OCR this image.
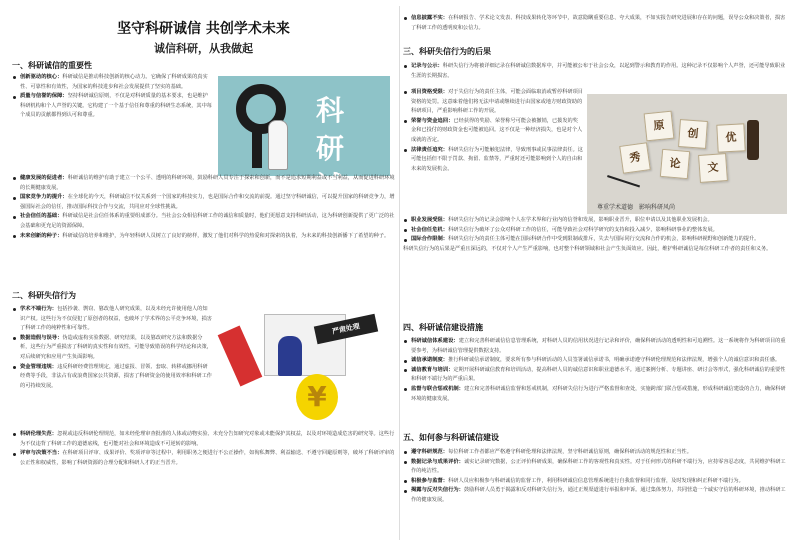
坚守科研诚信 共创学术未来
诚信科研，从我做起
一、科研诚信的重要性
科研诚信

创新驱动的核心：科研诚信是推动科技创新的核心动力。它确保了科研成果的真实性、可靠性和有效性，为国家的科技进步和社会发展提供了坚实的基础。

质量与信誉的保障：坚持科研诚信原则，不仅是对科研质量的基本要求，也是维护科研机构和个人声誉的关键。它构建了一个基于信任和尊重的科研生态系统，其中每个成员的贡献都得到认可和尊重。

健康发展的促进者：科研诚信的维护有助于建立一个公平、透明的科研环境，鼓励科研人员专注于探索和创新，而不是追求短期利益或不当利益，从而促进科研环境的长期健康发展。

国家竞争力的提升：在全球化的今天，科研诚信不仅关系到一个国家的科技实力，也是国际合作和交流的前提。通过坚守科研诚信，可以提升国家的科研竞争力，增强国际社会的信任，推动国际科技合作与交流，共同应对全球性挑战。

社会信任的基础：科研诚信是社会信任体系的重要组成部分。当社会公众相信科研工作的诚信和质量时，他们更愿意支持科研活动，这为科研创新提供了更广泛的社会基础和更充足的资源保障。

未来创新的种子：科研诚信的培养和维护，为年轻科研人员树立了良好的榜样，激发了他们对科学的热爱和对探索的执着，为未来的科技创新播下了希望的种子。

二、科研失信行为

学术不端行为：包括抄袭、剽窃、篡改他人研究成果，以及未经允许使用他人的知识产权。这些行为不仅侵犯了原创者的权益，也破坏了学术界的公平竞争环境，损害了科研工作的纯粹性和可靠性。

数据造假与误导：伪造或虚构实验数据、研究结果，以及篡改研究方法和数据分析，这些行为严重损害了科研的真实性和有效性，可能导致错误的科学结论和决策，对后续研究和应用产生负面影响。

资金管理违规：违反科研经费管理规定，通过虚报、冒领、套取、转移或挪用科研经费等手段，非法占有或浪费国家公共资源，损害了科研资金的使用效率和科研工作的可持续发展。

严肃处理
¥

科研伦理失范：忽视或违反科研伦理规范，如未经伦理审查批准的人体或动物实验、未充分告知研究对象或未能保护其权益，以及对环境造成危害的研究等。这些行为不仅违背了科研工作的道德底线，也可能对社会和环境造成不可逆转的影响。

评审与决策不当：在科研项目评审、成果评价、奖项评审等过程中，利用职务之便进行不公正操作，如徇私舞弊、利益输送、不遵守回避原则等，破坏了科研评审的公正性和权威性，影响了科研资源的合理分配和科研人才的正当晋升。

信息披露不实：在科研报告、学术论文发表、科技成果转化等环节中，故意隐瞒重要信息、夸大成果，不如实报告研究进展和存在的问题，误导公众和决策者，损害了科研工作的透明度和公信力。

三、科研失信行为的后果

记录与公示：科研失信行为将被详细记录在科研诚信数据库中，并可能被公布于社会公众，以起到警示和教育的作用。这种记录不仅影响个人声誉，还可能导致职业生涯的长期损害。

项目资格受限：对于失信行为的责任主体，可能会面临取消或暂停科研项目资格的处罚。这意味着他们将无法申请或继续进行由国家或地方财政资助的科研项目，严重影响科研工作的开展。

荣誉与资金追回：已经获得的奖励、荣誉称号可能会被撤销，已拨发的奖金和已投付的财政资金也可能被追回。这不仅是一种经济损失，也是对个人成就的否定。

法律责任追究：科研失信行为可能触犯法律，导致刑事或民事法律责任。这可能包括但不限于罚款、拘留、监禁等，严重时还可能影响到个人的自由和未来的发展机会。

原
创	优
秀	论	文
尊重学术道德　影响科研风尚

职业发展受阻：科研失信行为的记录会影响个人在学术界和行业内的信誉和发展，影响职业晋升，职位申请以及其他职业发展机会。

社会信任危机：科研失信行为破坏了公众对科研工作的信任，可能导致社会对科学研究的支持和投入减少，影响科研事业的整体发展。

国际合作限制：科研失信行为的责任主体可能在国际科研合作中受到限制或排斥，失去与国际同行交流和合作的机会，影响科研视野和创新能力的提升。

科研失信行为的后果是严重且深远的，不仅对个人产生严重影响，也对整个科研领域和社会产生负面效应。因此，维护科研诚信是每位科研工作者的责任和义务。

四、科研诚信建设措施

科研诚信体系建设：建立和完善科研诚信信息管理系统，对科研人员的信用状况进行记录和评价，确保科研活动的透明性和可追溯性。这一系统将作为科研项目的重要参考，为科研诚信管理提供数据支持。

诚信承诺制度：推行科研诚信承诺制度，要求所有参与科研活动的人员签署诚信承诺书，明确承诺遵守科研伦理规范和法律法规，增强个人的诚信意识和责任感。

诚信教育与培训：定期开展科研诚信教育和培训活动，提高科研人员的诚信意识和职业道德水平。通过案例分析、专题讲座、研讨会等形式，强化科研诚信的重要性和科研不端行为的严重后果。

监督与联合惩戒机制：建立和完善科研诚信监督和惩戒机制，对科研失信行为进行严格监督和查处，实施跨部门联合惩戒措施，形成科研诚信建设的合力，确保科研环境的健康发展。

五、如何参与科研诚信建设

遵守科研规范：每位科研工作者都应严格遵守科研伦理和法律法规，坚守科研诚信原则，确保科研活动的规范性和正当性。

数据记录与成果评价：诚实记录研究数据，公正评价科研成果，确保科研工作的客观性和真实性。对于任何形式的科研不端行为，应持零容忍态度，共同维护科研工作的纯洁性。

积极参与监督：科研人员应积极参与科研诚信的监督工作，利用科研诚信信息管理系统进行自我监督和同行监督，及时发现和纠正科研不端行为。

揭露与反对失信行为：鼓励科研人员勇于揭露和反对科研失信行为，通过正规渠道进行举报和申诉。通过集体努力，共同营造一个诚实守信的科研环境，推动科研工作的健康发展。
